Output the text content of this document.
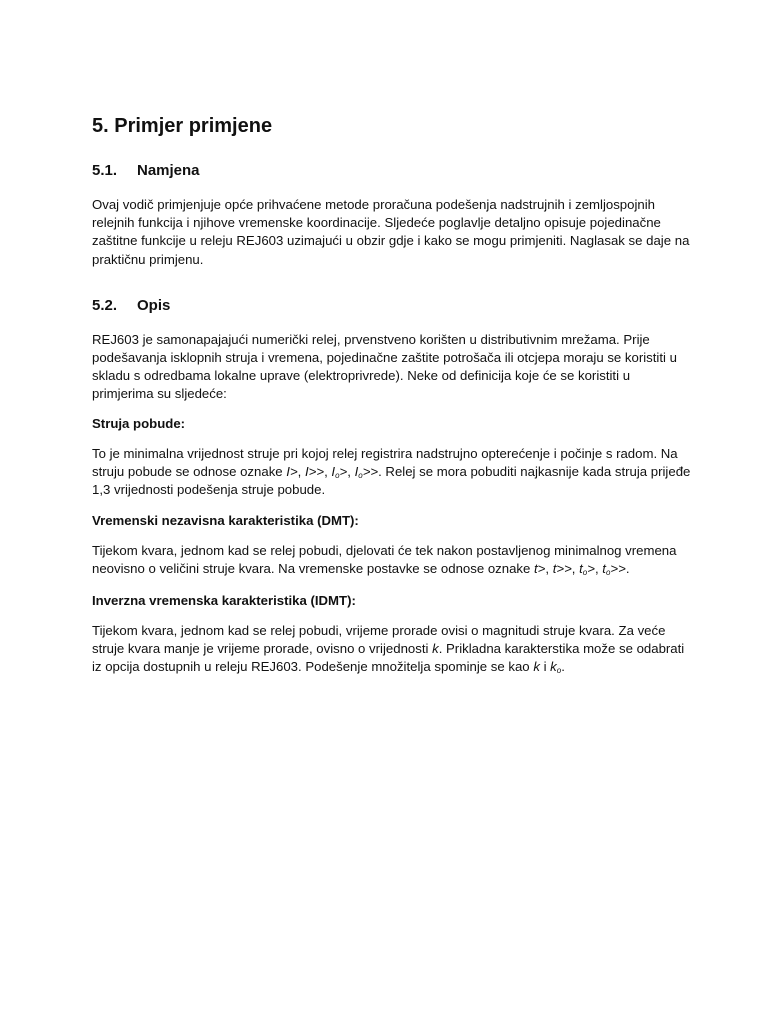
5. Primjer primjene
5.1.	Namjena

Ovaj vodič primjenjuje opće prihvaćene metode proračuna podešenja nadstrujnih i zemljospojnih relejnih funkcija i njihove vremenske koordinacije. Sljedeće poglavlje detaljno opisuje pojedinačne zaštitne funkcije u releju REJ603 uzimajući u obzir gdje i kako se mogu primjeniti. Naglasak se daje na praktičnu primjenu.

5.2.	Opis

REJ603 je samonapajajući numerički relej, prvenstveno korišten u distributivnim mrežama. Prije podešavanja isklopnih struja i vremena, pojedinačne zaštite potrošača ili otcjepa moraju se koristiti u skladu s odredbama lokalne uprave (elektroprivrede). Neke od definicija koje će se koristiti u primjerima su sljedeće:

Struja pobude:

To je minimalna vrijednost struje pri kojoj relej registrira nadstrujno opterećenje i počinje s radom. Na struju pobude se odnose oznake I>, I>>, $I_o>$, $I_o>>$. Relej se mora pobuditi najkasnije kada struja prijeđe 1,3 vrijednosti podešenja struje pobude.

Vremenski nezavisna karakteristika (DMT):

Tijekom kvara, jednom kad se relej pobudi, djelovati će tek nakon postavljenog minimalnog vremena neovisno o veličini struje kvara. Na vremenske postavke se odnose oznake t>, t>>, $t_o>$, $t_o>>$.

Inverzna vremenska karakteristika (IDMT):

Tijekom kvara, jednom kad se relej pobudi, vrijeme prorade ovisi o magnitudi struje kvara. Za veće struje kvara manje je vrijeme prorade, ovisno o vrijednosti k. Prikladna karakterstika može se odabrati iz opcija dostupnih u releju REJ603. Podešenje množitelja spominje se kao k i $k_o$.
